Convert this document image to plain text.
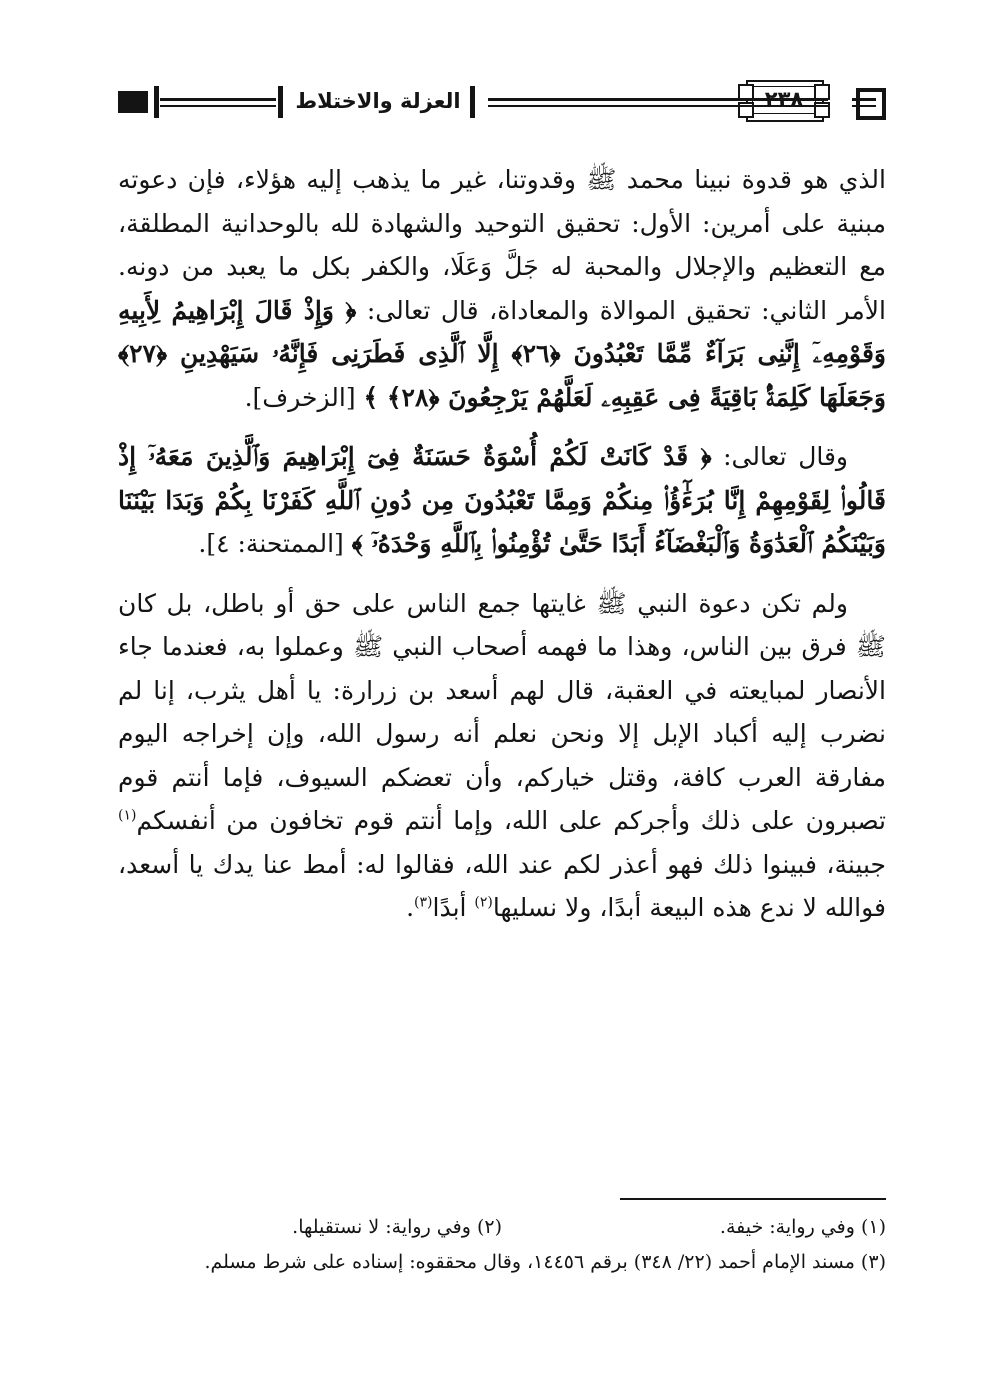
٢٣٨
العزلة والاختلاط

الذي هو قدوة نبينا محمد ﷺ وقدوتنا، غير ما يذهب إليه هؤلاء، فإن دعوته مبنية على أمرين: الأول: تحقيق التوحيد والشهادة لله بالوحدانية المطلقة، مع التعظيم والإجلال والمحبة له جَلَّ وَعَلَا، والكفر بكل ما يعبد من دونه. الأمر الثاني: تحقيق الموالاة والمعاداة، قال تعالى: ﴿ وَإِذْ قَالَ إِبْرَاهِيمُ لِأَبِيهِ وَقَوْمِهِۦٓ إِنَّنِى بَرَآءٌ مِّمَّا تَعْبُدُونَ ﴿٢٦﴾ إِلَّا ٱلَّذِى فَطَرَنِى فَإِنَّهُۥ سَيَهْدِينِ ﴿٢٧﴾ وَجَعَلَهَا كَلِمَةًۢ بَاقِيَةً فِى عَقِبِهِۦ لَعَلَّهُمْ يَرْجِعُونَ ﴿٢٨﴾ ﴾ [الزخرف].

وقال تعالى: ﴿ قَدْ كَانَتْ لَكُمْ أُسْوَةٌ حَسَنَةٌ فِىٓ إِبْرَاهِيمَ وَٱلَّذِينَ مَعَهُۥٓ إِذْ قَالُوا۟ لِقَوْمِهِمْ إِنَّا بُرَءَٰٓؤُا۟ مِنكُمْ وَمِمَّا تَعْبُدُونَ مِن دُونِ ٱللَّهِ كَفَرْنَا بِكُمْ وَبَدَا بَيْنَنَا وَبَيْنَكُمُ ٱلْعَدَٰوَةُ وَٱلْبَغْضَآءُ أَبَدًا حَتَّىٰ تُؤْمِنُوا۟ بِٱللَّهِ وَحْدَهُۥٓ ﴾ [الممتحنة: ٤].

ولم تكن دعوة النبي ﷺ غايتها جمع الناس على حق أو باطل، بل كان ﷺ فرق بين الناس، وهذا ما فهمه أصحاب النبي ﷺ وعملوا به، فعندما جاء الأنصار لمبايعته في العقبة، قال لهم أسعد بن زرارة: يا أهل يثرب، إنا لم نضرب إليه أكباد الإبل إلا ونحن نعلم أنه رسول الله، وإن إخراجه اليوم مفارقة العرب كافة، وقتل خياركم، وأن تعضكم السيوف، فإما أنتم قوم تصبرون على ذلك وأجركم على الله، وإما أنتم قوم تخافون من أنفسكم$^{(١)}$ جبينة، فبينوا ذلك فهو أعذر لكم عند الله، فقالوا له: أمط عنا يدك يا أسعد، فوالله لا ندع هذه البيعة أبدًا، ولا نسليها$^{(٢)}$ أبدًا$^{(٣)}$.

(١) وفي رواية: خيفة.
(٢) وفي رواية: لا نستقيلها.
(٣) مسند الإمام أحمد (٢٢/ ٣٤٨) برقم ١٤٤٥٦، وقال محققوه: إسناده على شرط مسلم.
